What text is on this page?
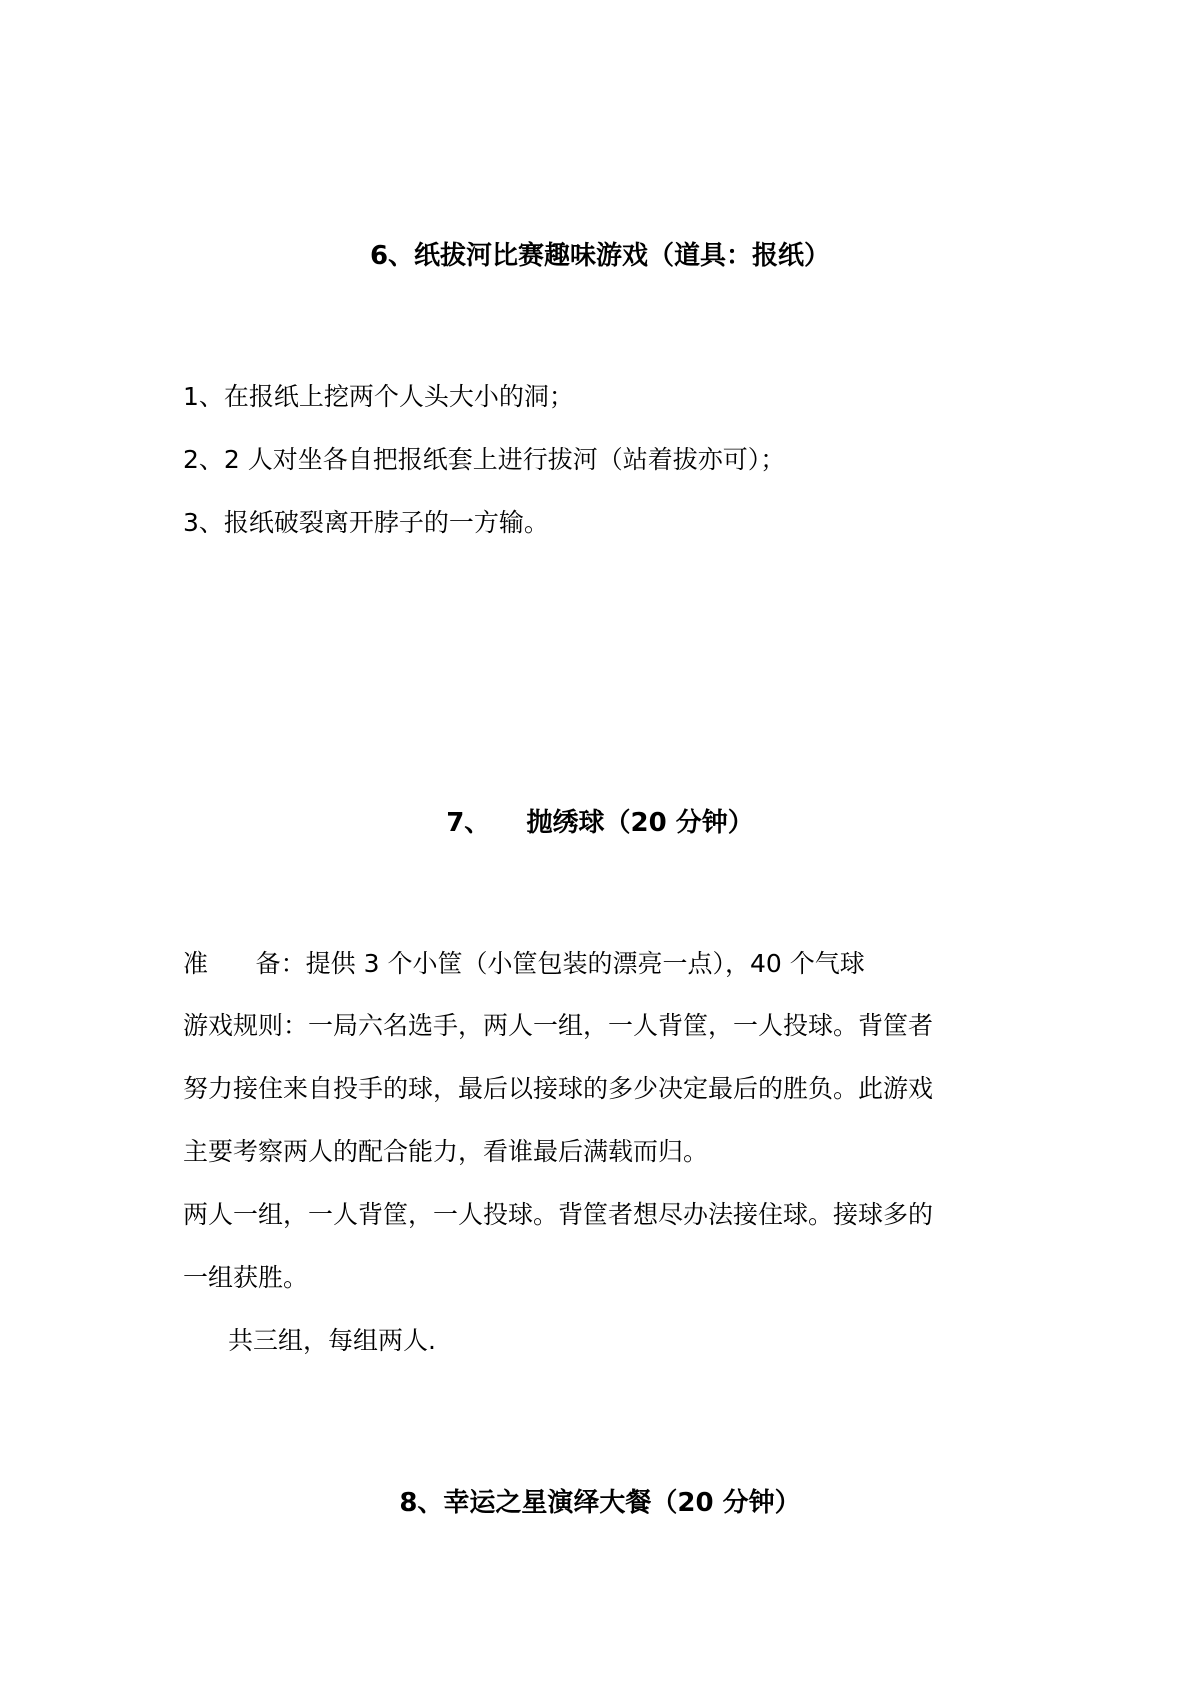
6、纸拔河比赛趣味游戏（道具：报纸）
1、在报纸上挖两个人头大小的洞；
2、2 人对坐各自把报纸套上进行拔河（站着拔亦可）；
3、报纸破裂离开脖子的一方输。
7、    抛绣球（20 分钟）
准      备：提供 3 个小筐（小筐包装的漂亮一点），40 个气球
游戏规则：一局六名选手，两人一组，一人背筐，一人投球。背筐者
努力接住来自投手的球，最后以接球的多少决定最后的胜负。此游戏
主要考察两人的配合能力，看谁最后满载而归。
两人一组，一人背筐，一人投球。背筐者想尽办法接住球。接球多的
一组获胜。
共三组，每组两人.
8、幸运之星演绎大餐（20 分钟）
